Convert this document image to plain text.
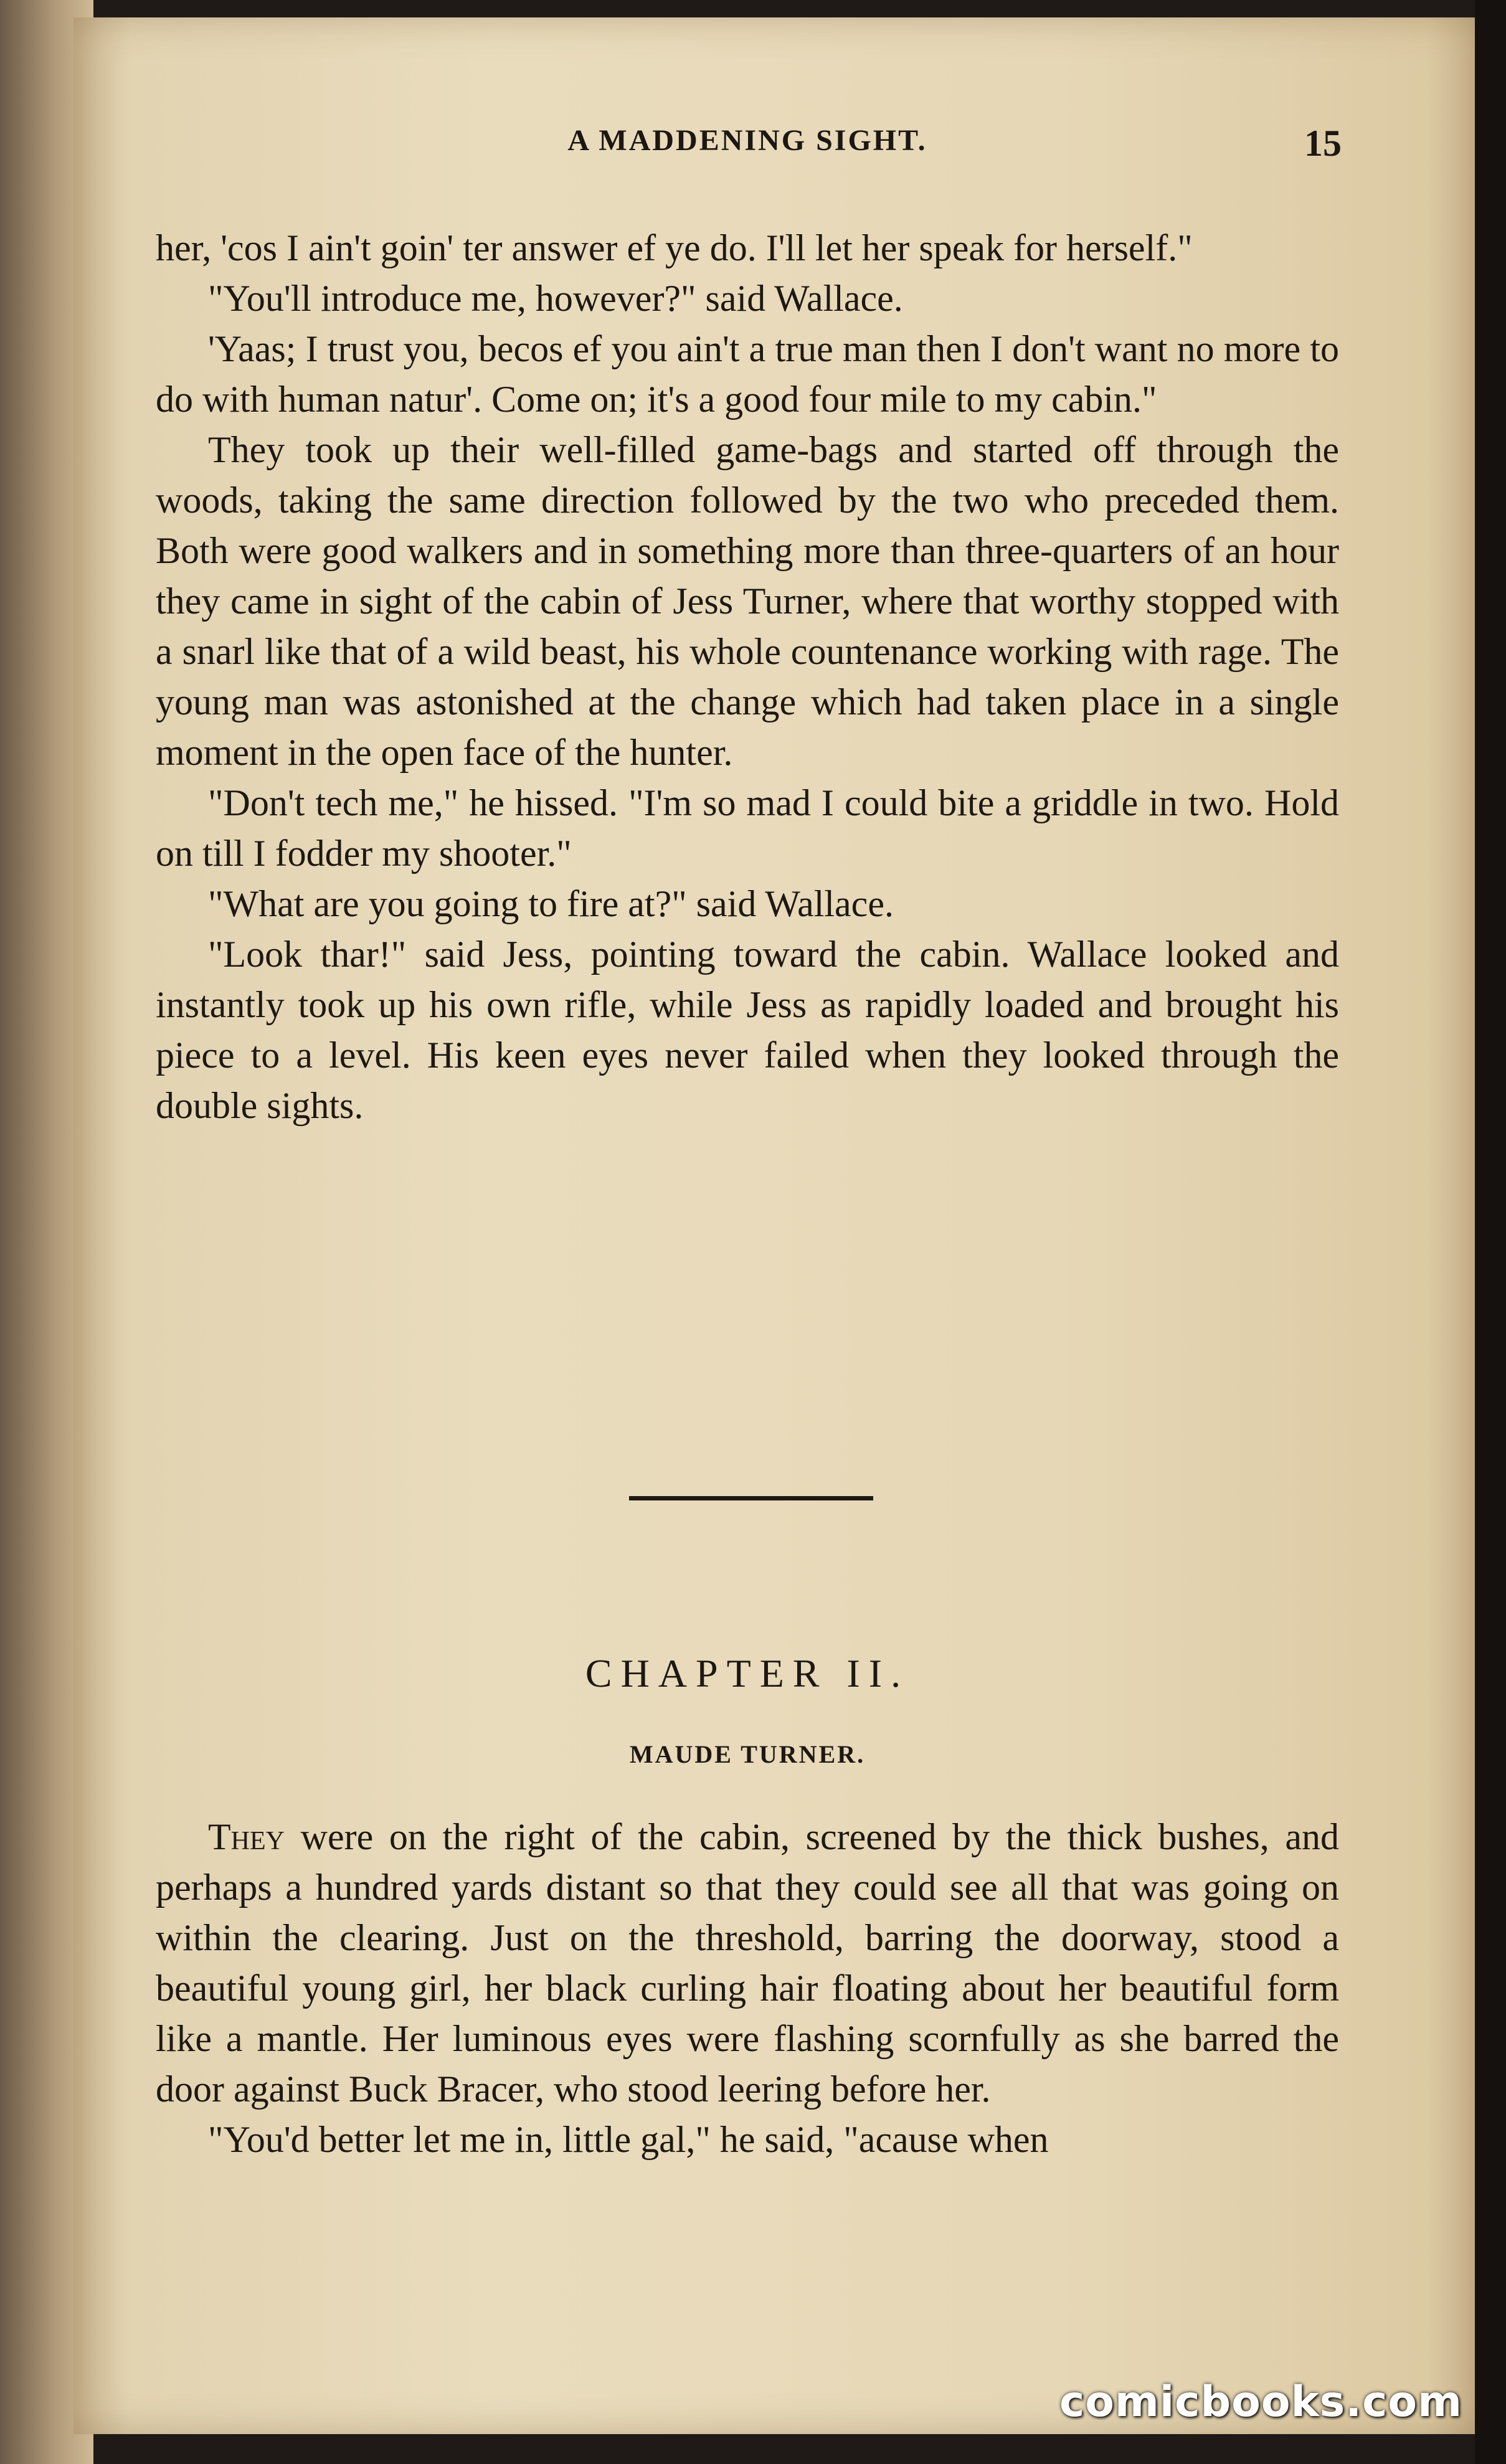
A MADDENING SIGHT.	15

her, 'cos I ain't goin' ter answer ef ye do. I'll let her speak for herself."

"You'll introduce me, however?" said Wallace.

'Yaas; I trust you, becos ef you ain't a true man then I don't want no more to do with human natur'. Come on; it's a good four mile to my cabin."

They took up their well-filled game-bags and started off through the woods, taking the same direction followed by the two who preceded them. Both were good walkers and in something more than three-quarters of an hour they came in sight of the cabin of Jess Turner, where that worthy stopped with a snarl like that of a wild beast, his whole countenance working with rage. The young man was astonished at the change which had taken place in a single moment in the open face of the hunter.

"Don't tech me," he hissed. "I'm so mad I could bite a griddle in two. Hold on till I fodder my shooter."

"What are you going to fire at?" said Wallace.

"Look thar!" said Jess, pointing toward the cabin. Wallace looked and instantly took up his own rifle, while Jess as rapidly loaded and brought his piece to a level. His keen eyes never failed when they looked through the double sights.

CHAPTER II.
MAUDE TURNER.

They were on the right of the cabin, screened by the thick bushes, and perhaps a hundred yards distant so that they could see all that was going on within the clearing. Just on the threshold, barring the doorway, stood a beautiful young girl, her black curling hair floating about her beautiful form like a mantle. Her luminous eyes were flashing scornfully as she barred the door against Buck Bracer, who stood leering before her.

"You'd better let me in, little gal," he said, "acause when

comicbooks.com
